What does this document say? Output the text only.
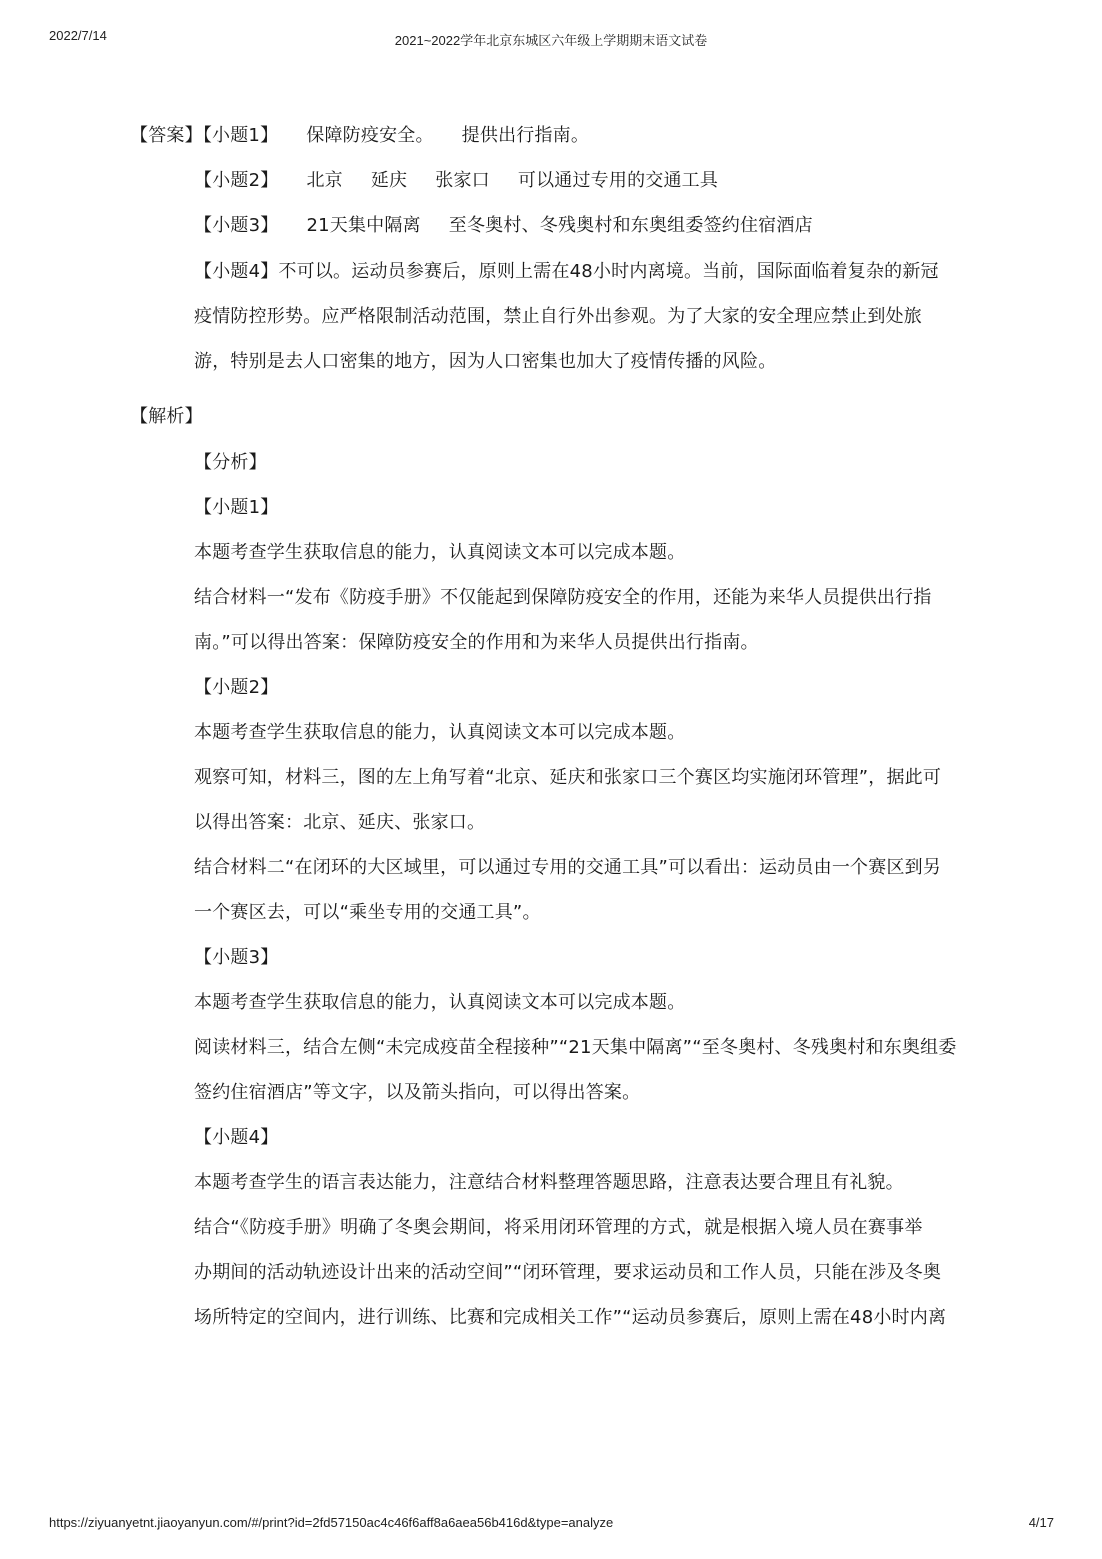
2022/7/14	2021~2022学年北京东城区六年级上学期期末语文试卷
【答案】【小题1】 保障防疫安全。 提供出行指南。
【小题2】 北京 延庆 张家口 可以通过专用的交通工具
【小题3】 21天集中隔离 至冬奥村、冬残奥村和东奥组委签约住宿酒店
【小题4】不可以。运动员参赛后，原则上需在48小时内离境。当前，国际面临着复杂的新冠
疫情防控形势。应严格限制活动范围，禁止自行外出参观。为了大家的安全理应禁止到处旅
游，特别是去人口密集的地方，因为人口密集也加大了疫情传播的风险。
【解析】
【分析】
【小题1】
本题考查学生获取信息的能力，认真阅读文本可以完成本题。
结合材料一“发布《防疫手册》不仅能起到保障防疫安全的作用，还能为来华人员提供出行指
南。”可以得出答案：保障防疫安全的作用和为来华人员提供出行指南。
【小题2】
本题考查学生获取信息的能力，认真阅读文本可以完成本题。
观察可知，材料三，图的左上角写着“北京、延庆和张家口三个赛区均实施闭环管理”，据此可
以得出答案：北京、延庆、张家口。
结合材料二“在闭环的大区域里，可以通过专用的交通工具”可以看出：运动员由一个赛区到另
一个赛区去，可以“乘坐专用的交通工具”。
【小题3】
本题考查学生获取信息的能力，认真阅读文本可以完成本题。
阅读材料三，结合左侧“未完成疫苗全程接种”“21天集中隔离”“至冬奥村、冬残奥村和东奥组委
签约住宿酒店”等文字，以及箭头指向，可以得出答案。
【小题4】
本题考查学生的语言表达能力，注意结合材料整理答题思路，注意表达要合理且有礼貌。
结合“《防疫手册》明确了冬奥会期间，将采用闭环管理的方式，就是根据入境人员在赛事举
办期间的活动轨迹设计出来的活动空间”“闭环管理，要求运动员和工作人员，只能在涉及冬奥
场所特定的空间内，进行训练、比赛和完成相关工作”“运动员参赛后，原则上需在48小时内离
https://ziyuanyetnt.jiaoyanyun.com/#/print?id=2fd57150ac4c46f6aff8a6aea56b416d&type=analyze	4/17
